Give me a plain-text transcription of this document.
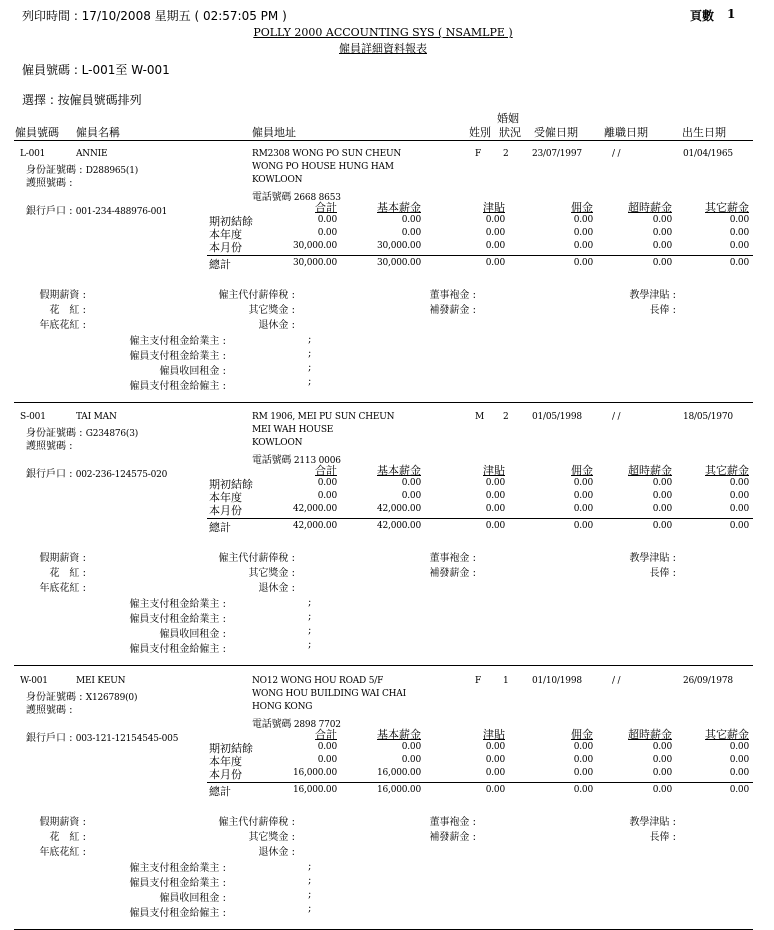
列印時間 : 17/10/2008 星期五 ( 02:57:05 PM )	頁數 1
POLLY 2000 ACCOUNTING SYS ( NSAMLPE )
僱員詳細資料報表
僱員號碼 : L-001至 W-001
選擇 : 按僱員號碼排列
僱員號碼 僱員名稱	僱員地址	姓別
婚姻
狀況 受僱日期 離職日期	出生日期
L-001	ANNIE	RM2308 WONG PO SUN CHEUN
WONG PO HOUSE HUNG HAM
KOWLOON
電話號碼 2668 8653
F 2	23/07/1997	/ /	01/04/1965
身份証號碼 : D288965(1)
護照號碼 :
銀行戶口 : 001-234-488976-001	合計	基本薪金	津貼	佣金	超時薪金	其它薪金
期初結餘	0.00	0.00	0.00	0.00	0.00	0.00
本年度	0.00	0.00	0.00	0.00	0.00	0.00
本月份	30,000.00	30,000.00	0.00	0.00	0.00	0.00
總計	30,000.00	30,000.00	0.00	0.00	0.00	0.00
假期薪資 :
花　紅 :
年底花紅 :
僱主代付薪俸稅 :
其它獎金 :
退休金 :
董事袍金 :
補發薪金 :
教學津貼 :
長俸 :
僱主支付租金給業主 :
僱員支付租金給業主 :
僱員收回租金 :
僱員支付租金給僱主 :
;
;
;
;
S-001	TAI MAN	RM 1906, MEI PU SUN CHEUN
MEI WAH HOUSE
KOWLOON
電話號碼 2113 0006
M 2	01/05/1998	/ /	18/05/1970
身份証號碼 : G234876(3)
護照號碼 :
銀行戶口 : 002-236-124575-020	合計	基本薪金	津貼	佣金	超時薪金	其它薪金
期初結餘	0.00	0.00	0.00	0.00	0.00	0.00
本年度	0.00	0.00	0.00	0.00	0.00	0.00
本月份	42,000.00	42,000.00	0.00	0.00	0.00	0.00
總計	42,000.00	42,000.00	0.00	0.00	0.00	0.00
假期薪資 :
花　紅 :
年底花紅 :
僱主代付薪俸稅 :
其它獎金 :
退休金 :
董事袍金 :
補發薪金 :
教學津貼 :
長俸 :
僱主支付租金給業主 :
僱員支付租金給業主 :
僱員收回租金 :
僱員支付租金給僱主 :
;
;
;
;
W-001	MEI KEUN	NO12 WONG HOU ROAD 5/F
WONG HOU BUILDING WAI CHAI
HONG KONG
電話號碼 2898 7702
F 1	01/10/1998	/ /	26/09/1978
身份証號碼 : X126789(0)
護照號碼 :
銀行戶口 : 003-121-12154545-005	合計	基本薪金	津貼	佣金	超時薪金	其它薪金
期初結餘	0.00	0.00	0.00	0.00	0.00	0.00
本年度	0.00	0.00	0.00	0.00	0.00	0.00
本月份	16,000.00	16,000.00	0.00	0.00	0.00	0.00
總計	16,000.00	16,000.00	0.00	0.00	0.00	0.00
假期薪資 :
花　紅 :
年底花紅 :
僱主代付薪俸稅 :
其它獎金 :
退休金 :
董事袍金 :
補發薪金 :
教學津貼 :
長俸 :
僱主支付租金給業主 :
僱員支付租金給業主 :
僱員收回租金 :
僱員支付租金給僱主 :
;
;
;
;
